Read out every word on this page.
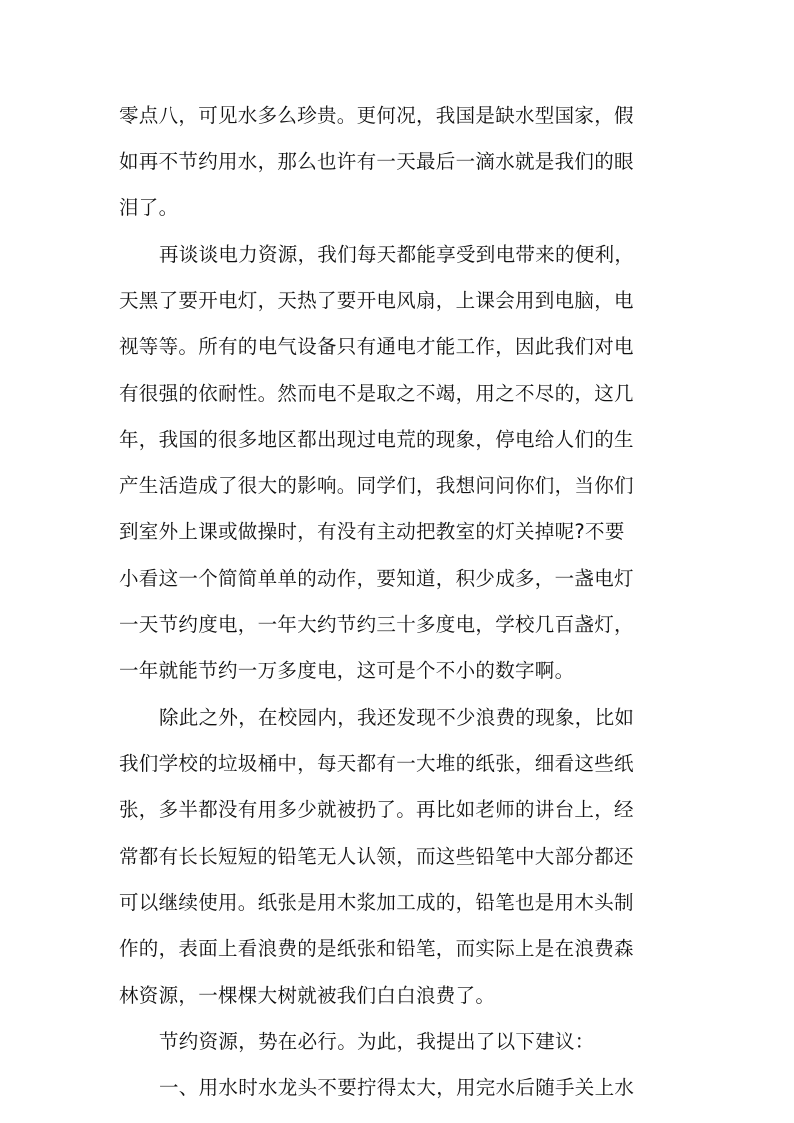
零点八，可见水多么珍贵。更何况，我国是缺水型国家，假
如再不节约用水，那么也许有一天最后一滴水就是我们的眼
泪了。
再谈谈电力资源，我们每天都能享受到电带来的便利，
天黑了要开电灯，天热了要开电风扇，上课会用到电脑，电
视等等。所有的电气设备只有通电才能工作，因此我们对电
有很强的依耐性。然而电不是取之不竭，用之不尽的，这几
年，我国的很多地区都出现过电荒的现象，停电给人们的生
产生活造成了很大的影响。同学们，我想问问你们，当你们
到室外上课或做操时，有没有主动把教室的灯关掉呢?不要
小看这一个简简单单的动作，要知道，积少成多，一盏电灯
一天节约度电，一年大约节约三十多度电，学校几百盏灯，
一年就能节约一万多度电，这可是个不小的数字啊。
除此之外，在校园内，我还发现不少浪费的现象，比如
我们学校的垃圾桶中，每天都有一大堆的纸张，细看这些纸
张，多半都没有用多少就被扔了。再比如老师的讲台上，经
常都有长长短短的铅笔无人认领，而这些铅笔中大部分都还
可以继续使用。纸张是用木浆加工成的，铅笔也是用木头制
作的，表面上看浪费的是纸张和铅笔，而实际上是在浪费森
林资源，一棵棵大树就被我们白白浪费了。
节约资源，势在必行。为此，我提出了以下建议：
一、用水时水龙头不要拧得太大，用完水后随手关上水
